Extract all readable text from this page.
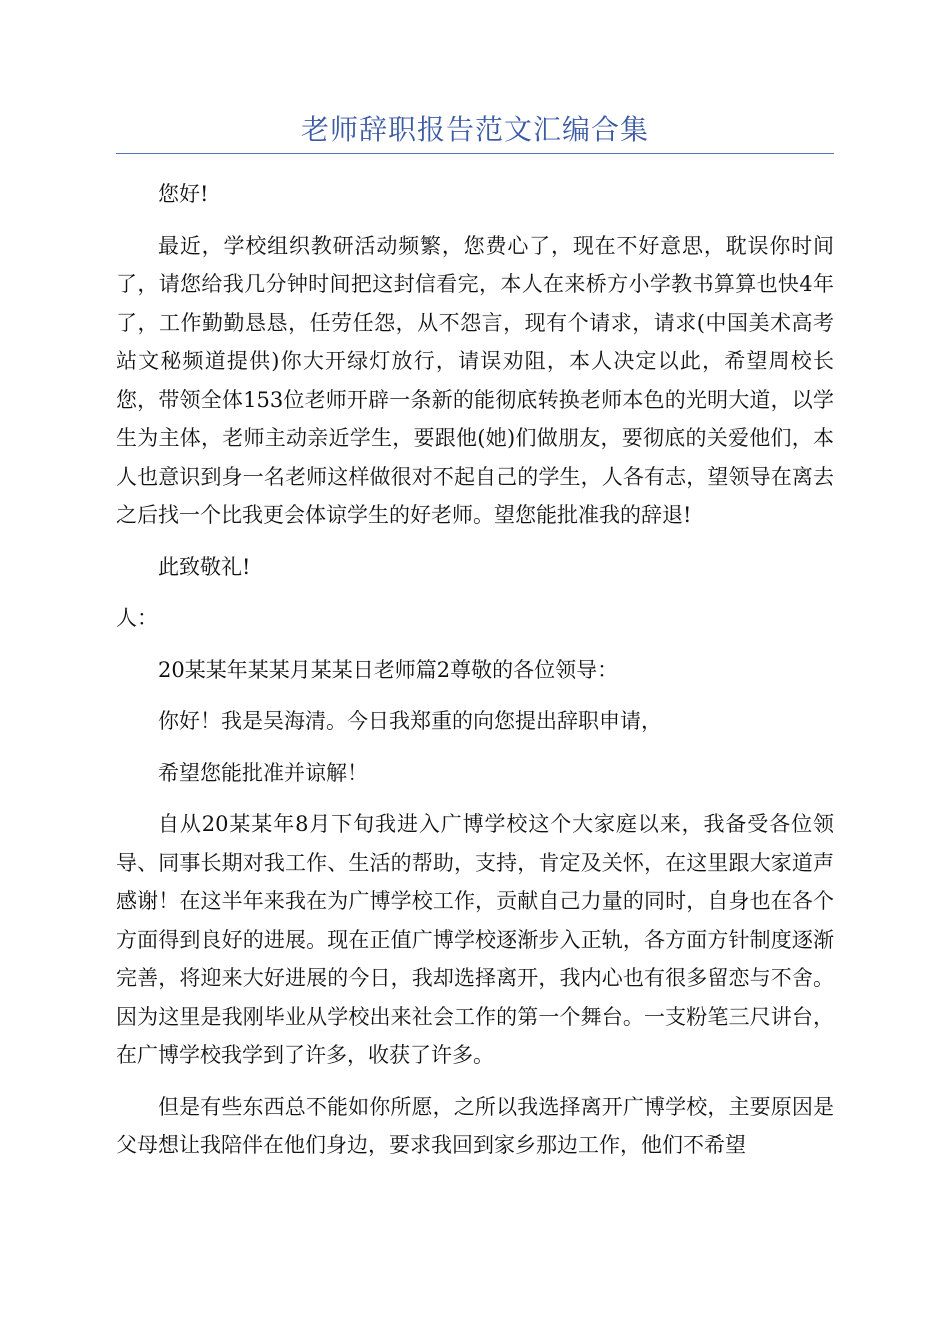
老师辞职报告范文汇编合集

您好!

最近，学校组织教研活动频繁，您费心了，现在不好意思，耽误你时间了，请您给我几分钟时间把这封信看完，本人在来桥方小学教书算算也快4年了，工作勤勤恳恳，任劳任怨，从不怨言，现有个请求，请求(中国美术高考站文秘频道提供)你大开绿灯放行，请误劝阻，本人决定以此，希望周校长您，带领全体153位老师开辟一条新的能彻底转换老师本色的光明大道，以学生为主体，老师主动亲近学生，要跟他(她)们做朋友，要彻底的关爱他们，本人也意识到身一名老师这样做很对不起自己的学生，人各有志，望领导在离去之后找一个比我更会体谅学生的好老师。望您能批准我的辞退!

此致敬礼!

人：

20某某年某某月某某日老师篇2尊敬的各位领导：

你好！我是吴海清。今日我郑重的向您提出辞职申请，

希望您能批准并谅解！

自从20某某年8月下旬我进入广博学校这个大家庭以来，我备受各位领导、同事长期对我工作、生活的帮助，支持，肯定及关怀，在这里跟大家道声感谢！在这半年来我在为广博学校工作，贡献自己力量的同时，自身也在各个方面得到良好的进展。现在正值广博学校逐渐步入正轨，各方面方针制度逐渐完善，将迎来大好进展的今日，我却选择离开，我内心也有很多留恋与不舍。因为这里是我刚毕业从学校出来社会工作的第一个舞台。一支粉笔三尺讲台，在广博学校我学到了许多，收获了许多。

但是有些东西总不能如你所愿，之所以我选择离开广博学校，主要原因是父母想让我陪伴在他们身边，要求我回到家乡那边工作，他们不希望
